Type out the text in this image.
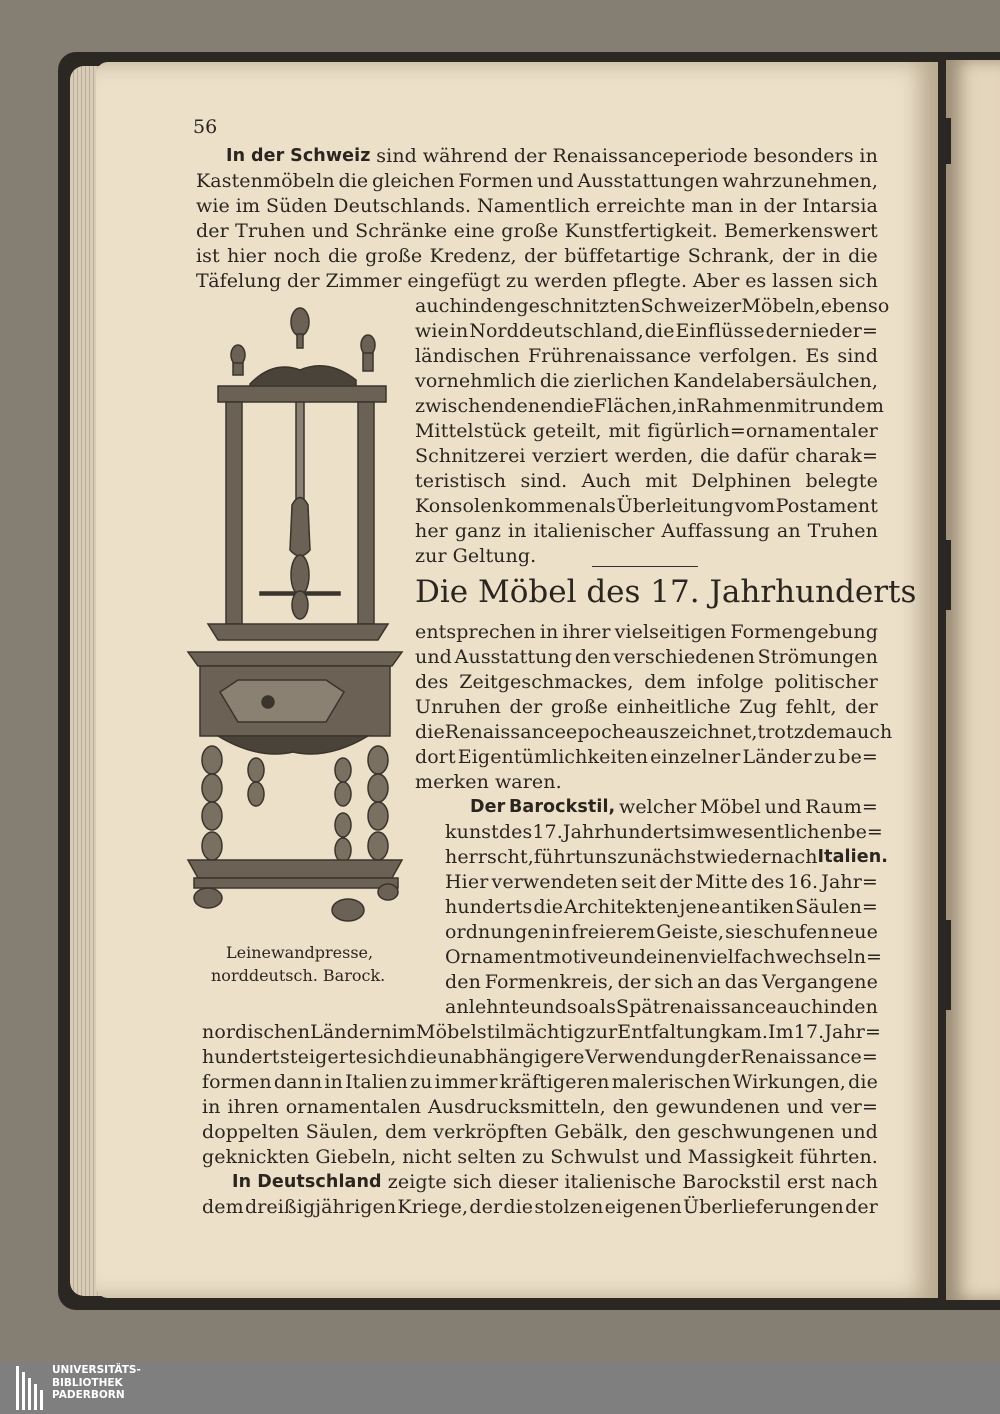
56
Leinewandpresse,
norddeutsch. Barock.
Die Möbel des 17. Jahrhunderts
In der Schweiz sind während der Renaissanceperiode besonders in
Kastenmöbeln die gleichen Formen und Ausstattungen wahrzunehmen,
wie im Süden Deutschlands. Namentlich erreichte man in der Intarsia
der Truhen und Schränke eine große Kunstfertigkeit. Bemerkenswert
ist hier noch die große Kredenz, der büffetartige Schrank, der in die
Täfelung der Zimmer eingefügt zu werden pflegte. Aber es lassen sich
auch in den geschnitzten Schweizer Möbeln, ebenso
wie in Norddeutschland, die Einflüsse der nieder=
ländischen Frührenaissance verfolgen. Es sind
vornehmlich die zierlichen Kandelabersäulchen,
zwischen denen die Flächen, in Rahmen mit rundem
Mittelstück geteilt, mit figürlich=ornamentaler
Schnitzerei verziert werden, die dafür charak=
teristisch sind. Auch mit Delphinen belegte
Konsolen kommen als Überleitung vom Postament
her ganz in italienischer Auffassung an Truhen
zur Geltung.
entsprechen in ihrer vielseitigen Formengebung
und Ausstattung den verschiedenen Strömungen
des Zeitgeschmackes, dem infolge politischer
Unruhen der große einheitliche Zug fehlt, der
die Renaissanceepoche auszeichnet, trotzdem auch
dort Eigentümlichkeiten einzelner Länder zu be=
merken waren.
Der Barockstil, welcher Möbel und Raum=
kunst des 17. Jahrhunderts im wesentlichen be=
herrscht, führt uns zunächst wieder nach Italien.
Hier verwendeten seit der Mitte des 16. Jahr=
hunderts die Architekten jene antiken Säulen=
ordnungen in freierem Geiste, sie schufen neue
Ornamentmotive und einen vielfach wechseln=
den Formenkreis, der sich an das Vergangene
anlehnte und so als Spätrenaissance auch in den
nordischen Ländern im Möbelstil mächtig zur Entfaltung kam. Im 17. Jahr=
hundert steigerte sich die unabhängigere Verwendung der Renaissance=
formen dann in Italien zu immer kräftigeren malerischen Wirkungen, die
in ihren ornamentalen Ausdrucksmitteln, den gewundenen und ver=
doppelten Säulen, dem verkröpften Gebälk, den geschwungenen und
geknickten Giebeln, nicht selten zu Schwulst und Massigkeit führten.
In Deutschland zeigte sich dieser italienische Barockstil erst nach
dem dreißigjährigen Kriege, der die stolzen eigenen Überlieferungen der
UNIVERSITÄTS-
BIBLIOTHEK
PADERBORN
